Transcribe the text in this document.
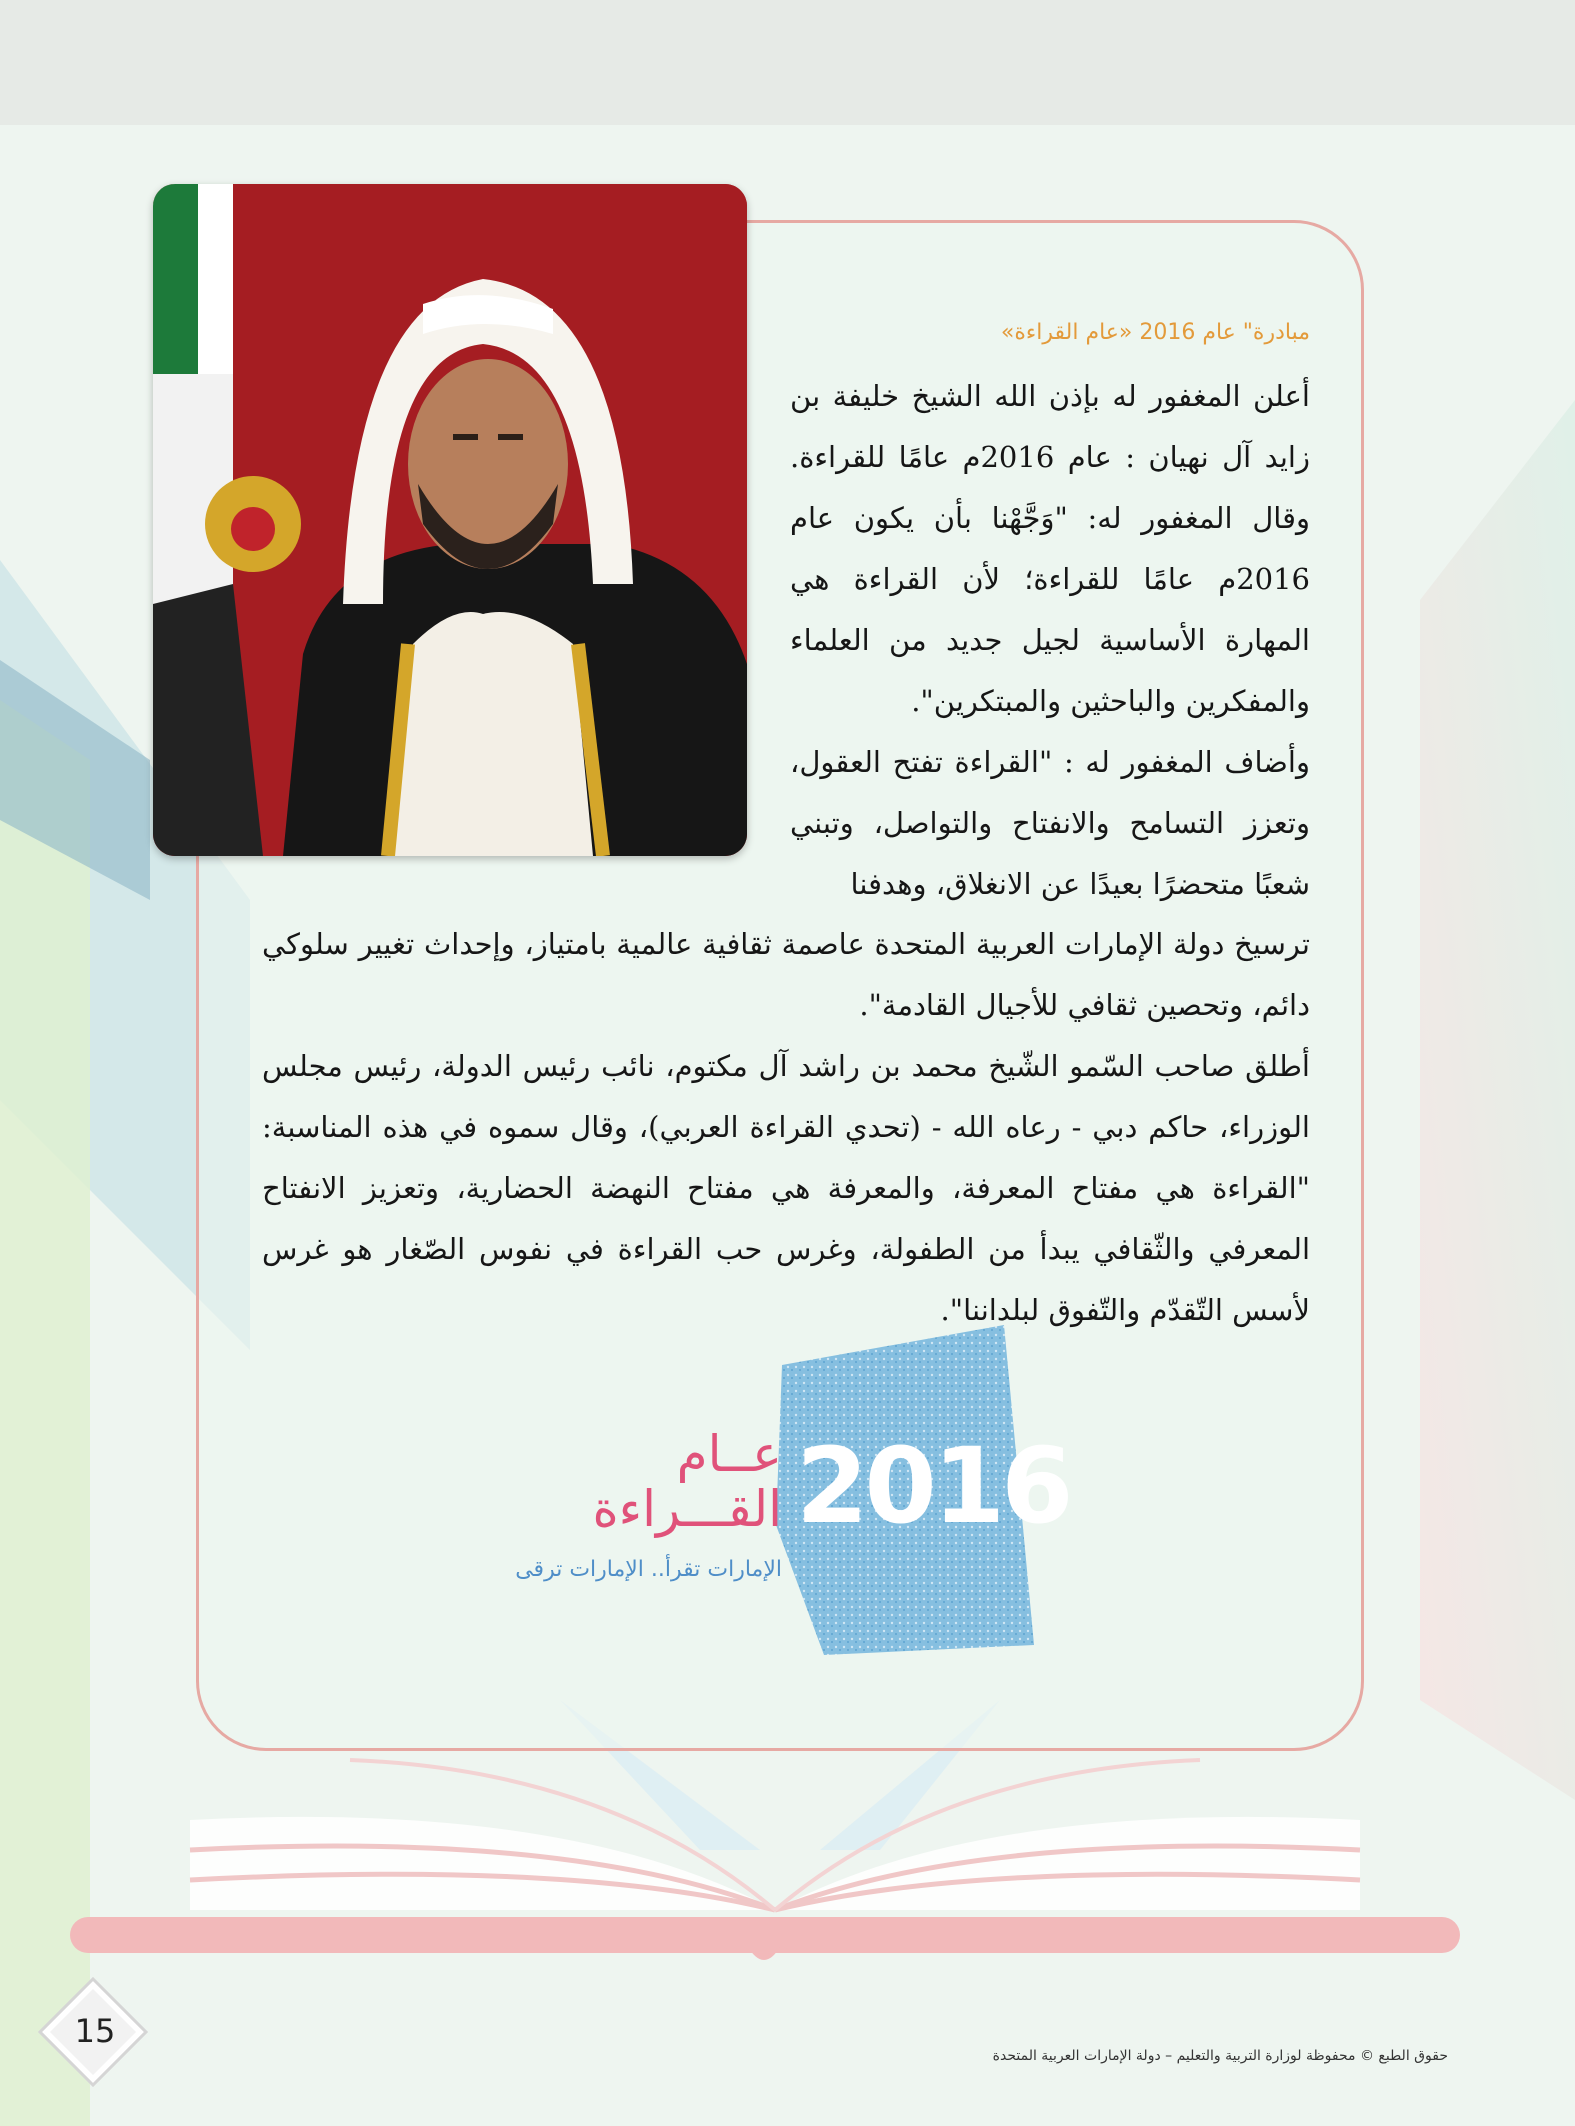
مبادرة" عام 2016 «عام القراءة»
أعلن المغفور له بإذن الله الشيخ خليفة بن زايد آل نهيان : عام 2016م عامًا للقراءة. وقال المغفور له: "وَجَّهْنا بأن يكون عام 2016م عامًا للقراءة؛ لأن القراءة هي المهارة الأساسية لجيل جديد من العلماء والمفكرين والباحثين والمبتكرين".
وأضاف المغفور له : "القراءة تفتح العقول، وتعزز التسامح والانفتاح والتواصل، وتبني شعبًا متحضرًا بعيدًا عن الانغلاق، وهدفنا
ترسيخ دولة الإمارات العربية المتحدة عاصمة ثقافية عالمية بامتياز، وإحداث تغيير سلوكي دائم، وتحصين ثقافي للأجيال القادمة".
أطلق صاحب السّمو الشّيخ محمد بن راشد آل مكتوم، نائب رئيس الدولة، رئيس مجلس الوزراء، حاكم دبي - رعاه الله - (تحدي القراءة العربي)، وقال سموه في هذه المناسبة: "القراءة هي مفتاح المعرفة، والمعرفة هي مفتاح النهضة الحضارية، وتعزيز الانفتاح المعرفي والثّقافي يبدأ من الطفولة، وغرس حب القراءة في نفوس الصّغار هو غرس لأسس التّقدّم والتّفوق لبلداننا".
2016
عــام
القـــراءة
الإمارات تقرأ.. الإمارات ترقى
15
حقوق الطبع © محفوظة لوزارة التربية والتعليم – دولة الإمارات العربية المتحدة
